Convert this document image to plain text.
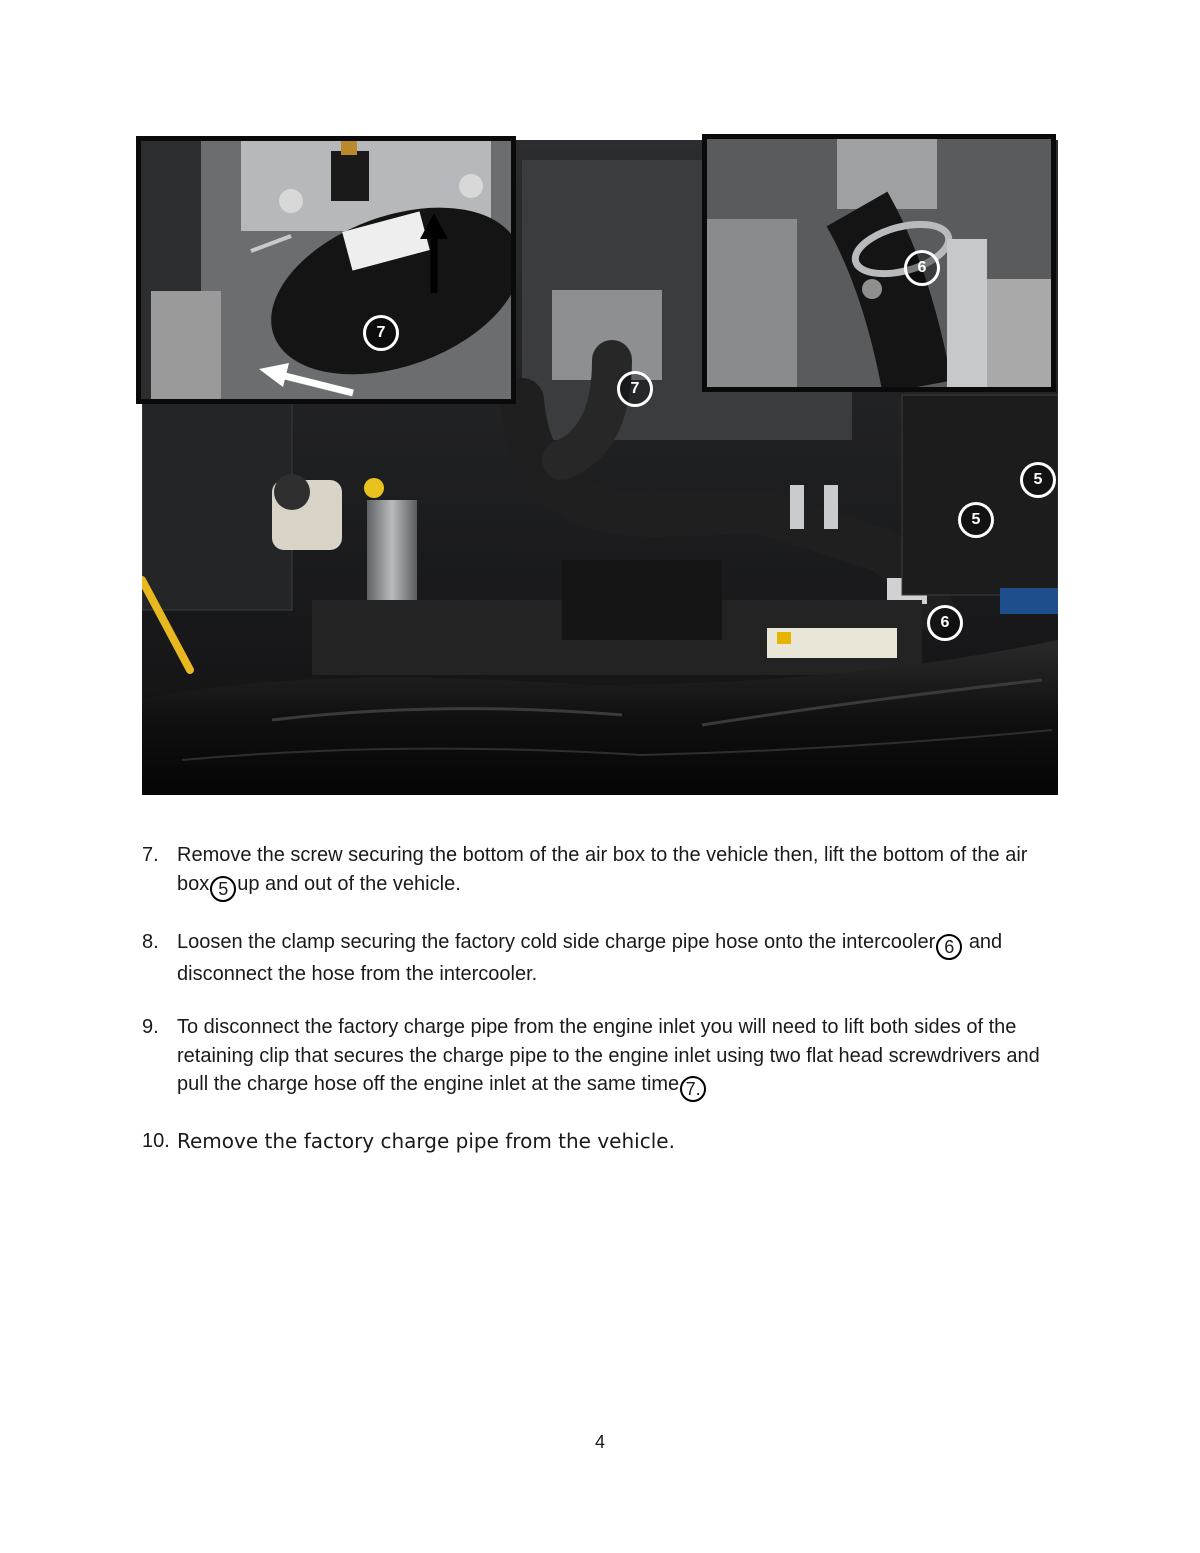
7
6
7
5
5
6
7. Remove the screw securing the bottom of the air box to the vehicle then, lift the bottom of the air box 5 up and out of the vehicle.
8. Loosen the clamp securing the factory cold side charge pipe hose onto the intercooler 6 and disconnect the hose from the intercooler.
9. To disconnect the factory charge pipe from the engine inlet you will need to lift both sides of the retaining clip that secures the charge pipe to the engine inlet using two flat head screwdrivers and pull the charge hose off the engine inlet at the same time 7.
10. Remove the factory charge pipe from the vehicle.
4
